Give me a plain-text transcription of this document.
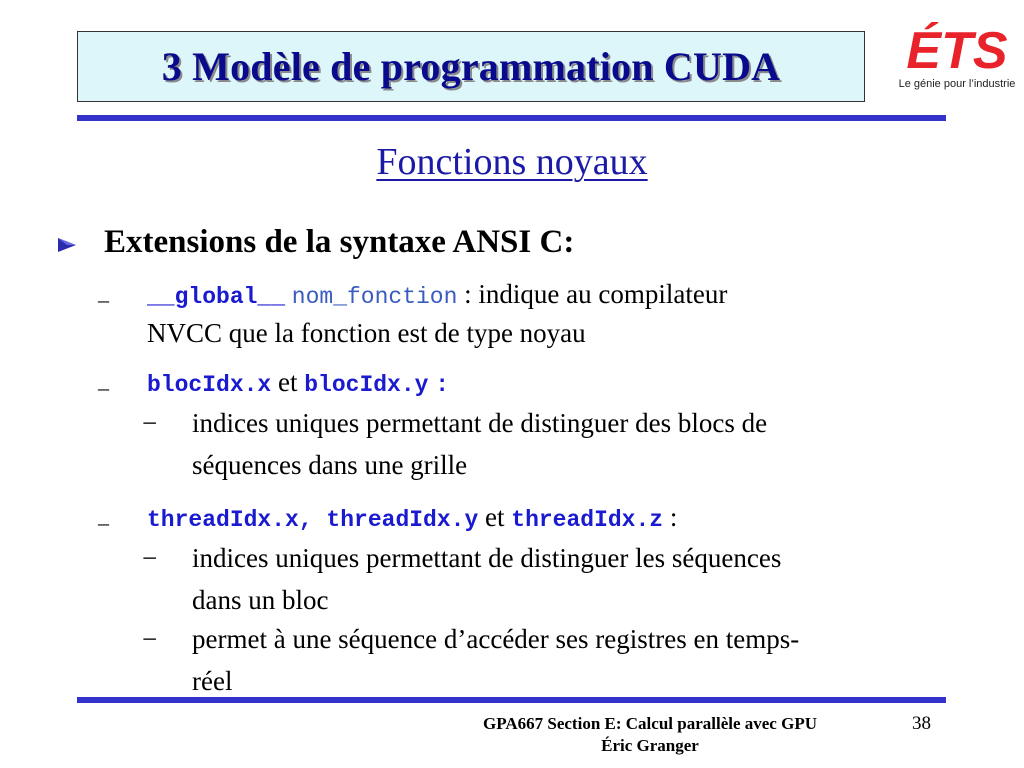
3 Modèle de programmation CUDA ÉTS
Le génie pour l’industrie
Fonctions noyaux
Extensions de la syntaxe ANSI C:
– __global__ nom_fonction : indique au compilateur
NVCC que la fonction est de type noyau
– blocIdx.x et blocIdx.y :
− indices uniques permettant de distinguer des blocs de
séquences dans une grille
– threadIdx.x, threadIdx.y et threadIdx.z :
− indices uniques permettant de distinguer les séquences
dans un bloc
− permet à une séquence d’accéder ses registres en temps-
réel
GPA667 Section E: Calcul parallèle avec GPU
Éric Granger
38
